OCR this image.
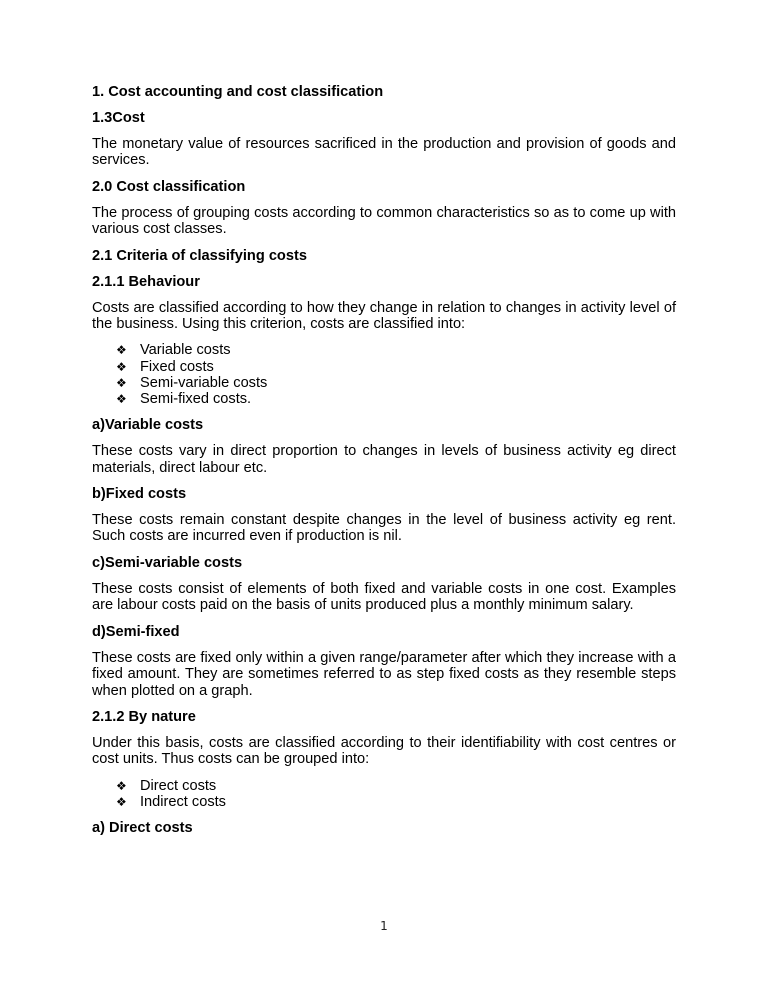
1. Cost accounting and cost classification
1.3Cost
The monetary value of resources sacrificed in the production and provision of goods and services.
2.0 Cost classification
The process of grouping costs according to common characteristics so as to come up with various cost classes.
2.1 Criteria of classifying costs
2.1.1 Behaviour
Costs are classified according to how they change in relation to changes in activity level of the business. Using this criterion, costs are classified into:
❖ Variable costs
❖ Fixed costs
❖ Semi-variable costs
❖ Semi-fixed costs.
a)Variable costs
These costs vary in direct proportion to changes in levels of business activity eg direct materials, direct labour etc.
b)Fixed costs
These costs remain constant despite changes in the level of business activity eg rent. Such costs are incurred even if production is nil.
c)Semi-variable costs
These costs consist of elements of both fixed and variable costs in one cost. Examples are labour costs paid on the basis of units produced plus a monthly minimum salary.
d)Semi-fixed
These costs are fixed only within a given range/parameter after which they increase with a fixed amount. They are sometimes referred to as step fixed costs as they resemble steps when plotted on a graph.
2.1.2 By nature
Under this basis, costs are classified according to their identifiability with cost centres or cost units. Thus costs can be grouped into:
❖ Direct costs
❖ Indirect costs
a) Direct costs
1
